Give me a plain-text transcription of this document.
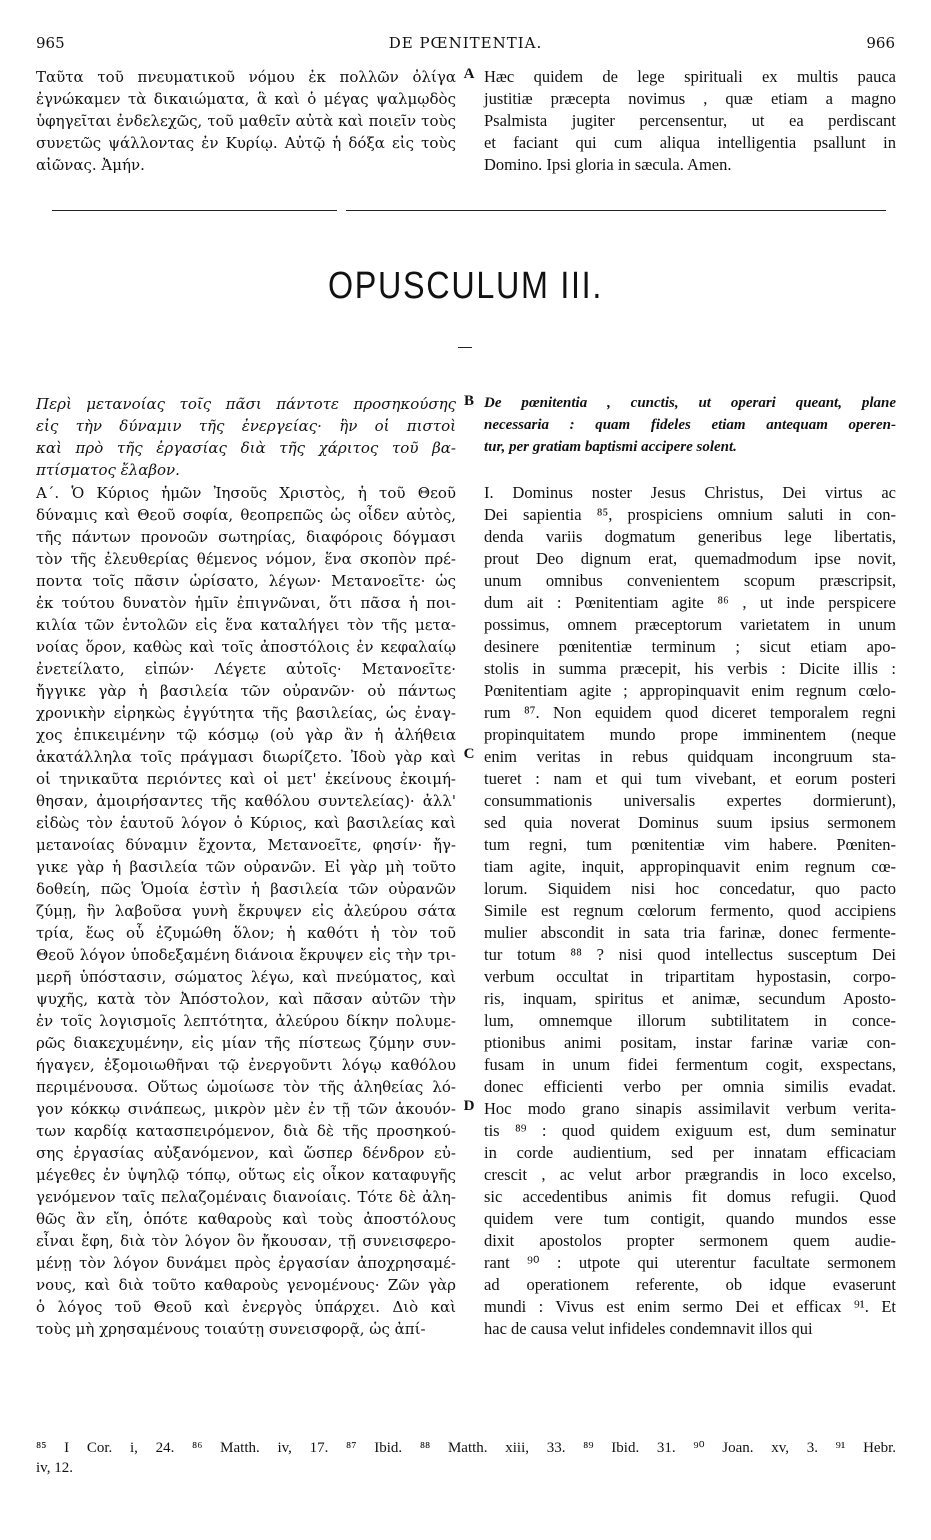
965	DE PŒNITENTIA.	966
Ταῦτα τοῦ πνευματικοῦ νόμου ἐκ πολλῶν ὀλίγα
ἐγνώκαμεν τὰ δικαιώματα, ἃ καὶ ὁ μέγας ψαλμῳδὸς
ὑφηγεῖται ἐνδελεχῶς, τοῦ μαθεῖν αὐτὰ καὶ ποιεῖν τοὺς
συνετῶς ψάλλοντας ἐν Κυρίῳ. Αὐτῷ ἡ δόξα εἰς τοὺς
αἰῶνας. Ἀμήν.
Hæc quidem de lege spirituali ex multis pauca
justitiæ præcepta novimus , quæ etiam a magno
Psalmista jugiter percensentur, ut ea perdiscant
et faciant qui cum aliqua intelligentia psallunt in
Domino. Ipsi gloria in sæcula. Amen.
A
OPUSCULUM III.
Περὶ μετανοίας τοῖς πᾶσι πάντοτε προσηκούσης
εἰς τὴν δύναμιν τῆς ἐνεργείας· ἣν οἱ πιστοὶ
καὶ πρὸ τῆς ἐργασίας διὰ τῆς χάριτος τοῦ βα-
πτίσματος ἔλαβον.
De pœnitentia , cunctis, ut operari queant, plane
necessaria : quam fideles etiam antequam operen-
tur, per gratiam baptismi accipere solent.
B
Α΄. Ὁ Κύριος ἡμῶν Ἰησοῦς Χριστὸς, ἡ τοῦ Θεοῦ
δύναμις καὶ Θεοῦ σοφία, θεοπρεπῶς ὡς οἶδεν αὐτὸς,
τῆς πάντων προνοῶν σωτηρίας, διαφόροις δόγμασι
τὸν τῆς ἐλευθερίας θέμενος νόμον, ἕνα σκοπὸν πρέ-
ποντα τοῖς πᾶσιν ὡρίσατο, λέγων· Μετανοεῖτε· ὡς
ἐκ τούτου δυνατὸν ἡμῖν ἐπιγνῶναι, ὅτι πᾶσα ἡ ποι-
κιλία τῶν ἐντολῶν εἰς ἕνα καταλήγει τὸν τῆς μετα-
νοίας ὅρον, καθὼς καὶ τοῖς ἀποστόλοις ἐν κεφαλαίῳ
ἐνετείλατο, εἰπών· Λέγετε αὐτοῖς· Μετανοεῖτε·
ἤγγικε γὰρ ἡ βασιλεία τῶν οὐρανῶν· οὐ πάντως
χρονικὴν εἰρηκὼς ἐγγύτητα τῆς βασιλείας, ὡς ἐναγ-
χος ἐπικειμένην τῷ κόσμῳ (οὐ γὰρ ἂν ἡ ἀλήθεια
ἀκατάλληλα τοῖς πράγμασι διωρίζετο. Ἰδοὺ γὰρ καὶ
οἱ τηνικαῦτα περιόντες καὶ οἱ μετ' ἐκείνους ἐκοιμή-
θησαν, ἀμοιρήσαντες τῆς καθόλου συντελείας)· ἀλλ'
εἰδὼς τὸν ἑαυτοῦ λόγον ὁ Κύριος, καὶ βασιλείας καὶ
μετανοίας δύναμιν ἔχοντα, Μετανοεῖτε, φησίν· ἤγ-
γικε γὰρ ἡ βασιλεία τῶν οὐρανῶν. Εἰ γὰρ μὴ τοῦτο
δοθείη, πῶς Ὁμοία ἐστὶν ἡ βασιλεία τῶν οὐρανῶν
ζύμῃ, ἣν λαβοῦσα γυνὴ ἔκρυψεν εἰς ἀλεύρου σάτα
τρία, ἕως οὗ ἐζυμώθη ὅλον; ἡ καθότι ἡ τὸν τοῦ
Θεοῦ λόγον ὑποδεξαμένη διάνοια ἔκρυψεν εἰς τὴν τρι-
μερῆ ὑπόστασιν, σώματος λέγω, καὶ πνεύματος, καὶ
ψυχῆς, κατὰ τὸν Ἀπόστολον, καὶ πᾶσαν αὐτῶν τὴν
ἐν τοῖς λογισμοῖς λεπτότητα, ἀλεύρου δίκην πολυμε-
ρῶς διακεχυμένην, εἰς μίαν τῆς πίστεως ζύμην συν-
ήγαγεν, ἐξομοιωθῆναι τῷ ἐνεργοῦντι λόγῳ καθόλου
περιμένουσα. Οὕτως ὡμοίωσε τὸν τῆς ἀληθείας λό-
γον κόκκῳ σινάπεως, μικρὸν μὲν ἐν τῇ τῶν ἀκουόν-
των καρδίᾳ κατασπειρόμενον, διὰ δὲ τῆς προσηκού-
σης ἐργασίας αὐξανόμενον, καὶ ὥσπερ δένδρον εὐ-
μέγεθες ἐν ὑψηλῷ τόπῳ, οὕτως εἰς οἶκον καταφυγῆς
γενόμενον ταῖς πελαζομέναις διανοίαις. Τότε δὲ ἀλη-
θῶς ἂν εἴη, ὁπότε καθαροὺς καὶ τοὺς ἀποστόλους
εἶναι ἔφη, διὰ τὸν λόγον ὃν ἤκουσαν, τῇ συνεισφερο-
μένῃ τὸν λόγον δυνάμει πρὸς ἐργασίαν ἀποχρησαμέ-
νους, καὶ διὰ τοῦτο καθαροὺς γενομένους· Ζῶν γὰρ
ὁ λόγος τοῦ Θεοῦ καὶ ἐνεργὸς ὑπάρχει. Διὸ καὶ
τοὺς μὴ χρησαμένους τοιαύτῃ συνεισφορᾷ, ὡς ἀπί-
I. Dominus noster Jesus Christus, Dei virtus ac
Dei sapientia ⁸⁵, prospiciens omnium saluti in con-
denda variis dogmatum generibus lege libertatis,
prout Deo dignum erat, quemadmodum ipse novit,
unum omnibus convenientem scopum præscripsit,
dum ait : Pœnitentiam agite ⁸⁶ , ut inde perspicere
possimus, omnem præceptorum varietatem in unum
desinere pœnitentiæ terminum ; sicut etiam apo-
stolis in summa præcepit, his verbis : Dicite illis :
Pœnitentiam agite ; appropinquavit enim regnum cœlo-
rum ⁸⁷. Non equidem quod diceret temporalem regni
propinquitatem mundo prope imminentem (neque
enim veritas in rebus quidquam incongruum sta-
tueret : nam et qui tum vivebant, et eorum posteri
consummationis universalis expertes dormierunt),
sed quia noverat Dominus suum ipsius sermonem
tum regni, tum pœnitentiæ vim habere. Pœniten-
tiam agite, inquit, appropinquavit enim regnum cœ-
lorum. Siquidem nisi hoc concedatur, quo pacto
Simile est regnum cœlorum fermento, quod accipiens
mulier abscondit in sata tria farinæ, donec fermente-
tur totum ⁸⁸ ? nisi quod intellectus susceptum Dei
verbum occultat in tripartitam hypostasin, corpo-
ris, inquam, spiritus et animæ, secundum Aposto-
lum, omnemque illorum subtilitatem in conce-
ptionibus animi positam, instar farinæ variæ con-
fusam in unum fidei fermentum cogit, exspectans,
donec efficienti verbo per omnia similis evadat.
Hoc modo grano sinapis assimilavit verbum verita-
tis ⁸⁹ : quod quidem exiguum est, dum seminatur
in corde audientium, sed per innatam efficaciam
crescit , ac velut arbor prægrandis in loco excelso,
sic accedentibus animis fit domus refugii. Quod
quidem vere tum contigit, quando mundos esse
dixit apostolos propter sermonem quem audie-
rant ⁹⁰ : utpote qui uterentur facultate sermonem
ad operationem referente, ob idque evaserunt
mundi : Vivus est enim sermo Dei et efficax ⁹¹. Et
hac de causa velut infideles condemnavit illos qui
C
D
⁸⁵ I Cor. i, 24. ⁸⁶ Matth. iv, 17. ⁸⁷ Ibid. ⁸⁸ Matth. xiii, 33. ⁸⁹ Ibid. 31. ⁹⁰ Joan. xv, 3. ⁹¹ Hebr.
iv, 12.
